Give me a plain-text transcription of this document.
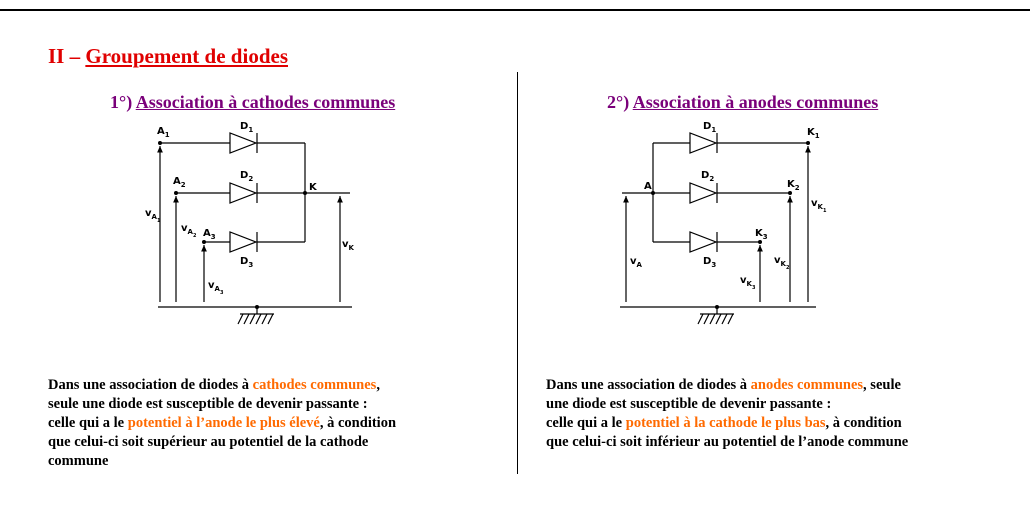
II – Groupement de diodes
1°) Association à cathodes communes	2°) Association à anodes communes
$A_1$
$A_2$
$A_3$
$D_1$
$D_2$
$D_3$
K
$v_{A1}$
$v_{A2}$
$v_{A3}$
$v_K$
A
$D_1$
$D_2$
$D_3$
$K_1$
$K_2$
$K_3$
$v_A$
$v_{K1}$
$v_{K2}$
$v_{K3}$
Dans une association de diodes à cathodes communes,
seule une diode est susceptible de devenir passante :
celle qui a le potentiel à l’anode le plus élevé, à condition
que celui-ci soit supérieur au potentiel de la cathode
commune
Dans une association de diodes à anodes communes, seule
une diode est susceptible de devenir passante :
celle qui a le potentiel à la cathode le plus bas, à condition
que celui-ci soit inférieur au potentiel de l’anode commune
